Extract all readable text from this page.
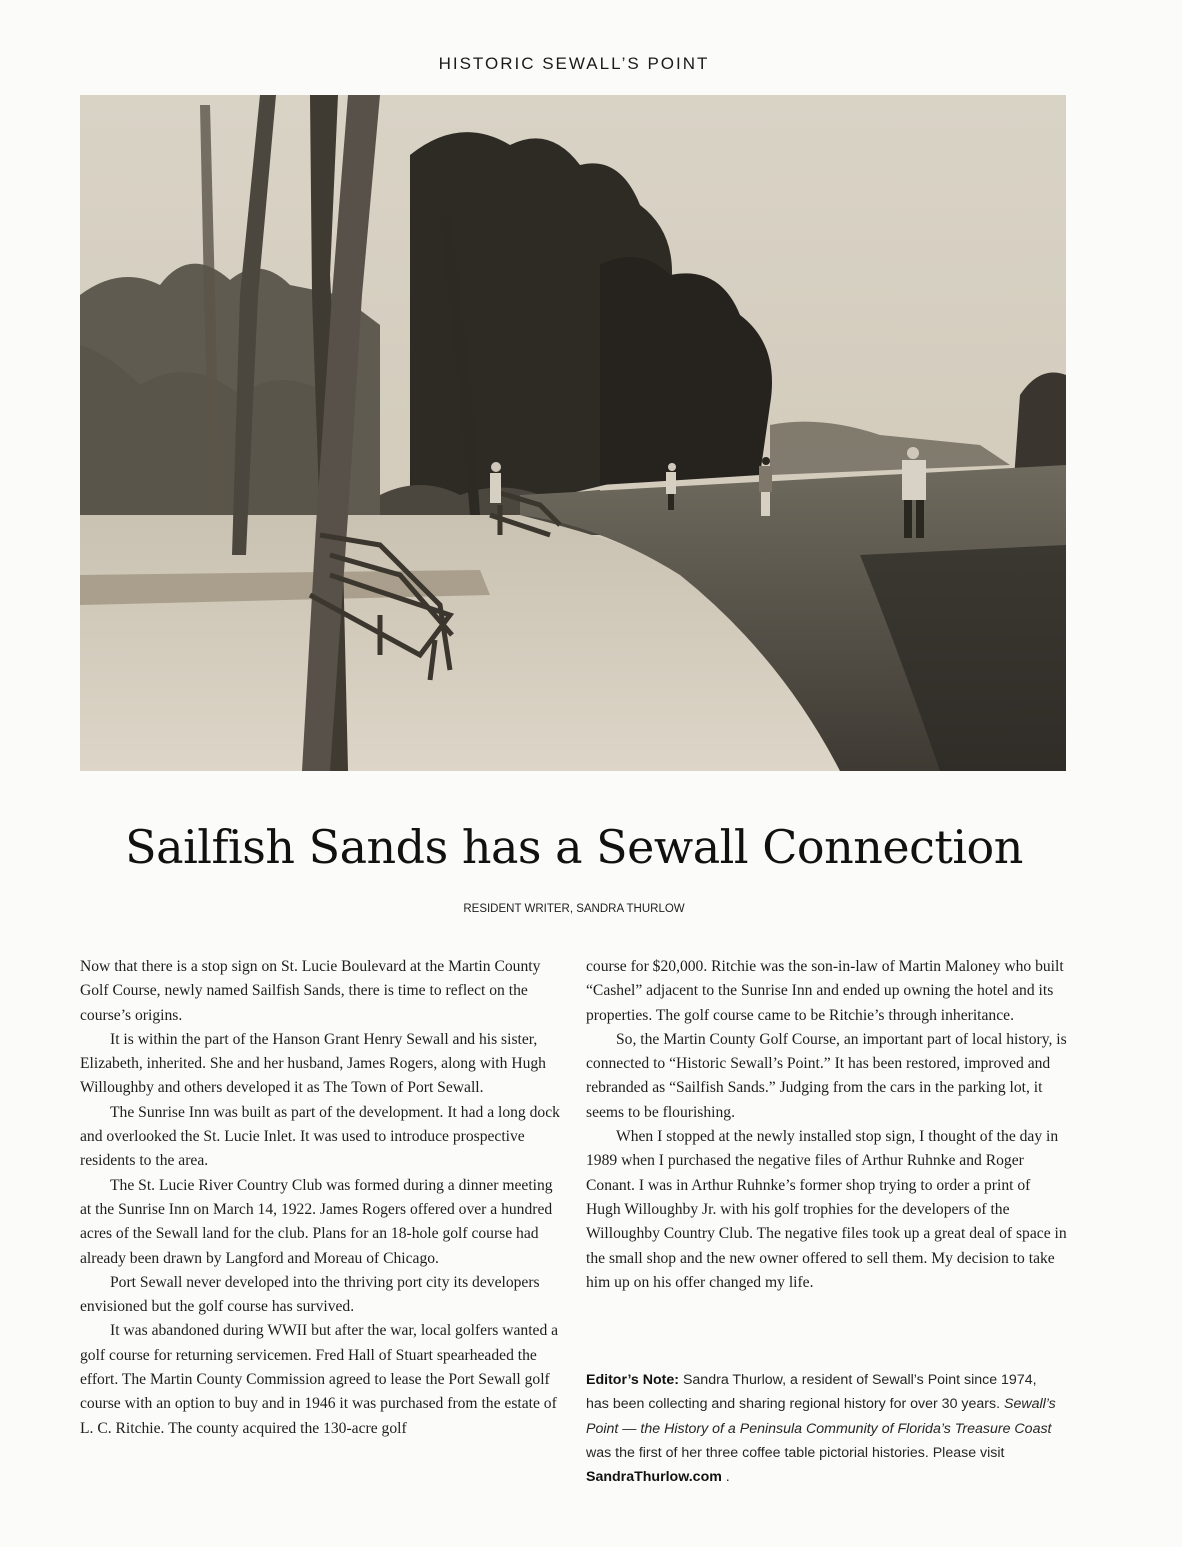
HISTORIC SEWALL’S POINT
Sailfish Sands has a Sewall Connection
RESIDENT WRITER, SANDRA THURLOW

Now that there is a stop sign on St. Lucie Boulevard at the Martin County Golf Course, newly named Sailfish Sands, there is time to reflect on the course’s origins.

It is within the part of the Hanson Grant Henry Sewall and his sister, Elizabeth, inherited. She and her husband, James Rogers, along with Hugh Willoughby and others developed it as The Town of Port Sewall.

The Sunrise Inn was built as part of the development. It had a long dock and overlooked the St. Lucie Inlet. It was used to introduce prospective residents to the area.

The St. Lucie River Country Club was formed during a dinner meeting at the Sunrise Inn on March 14, 1922. James Rogers offered over a hundred acres of the Sewall land for the club. Plans for an 18-hole golf course had already been drawn by Langford and Moreau of Chicago.

Port Sewall never developed into the thriving port city its developers envisioned but the golf course has survived.

It was abandoned during WWII but after the war, local golfers wanted a golf course for returning servicemen. Fred Hall of Stuart spearheaded the effort. The Martin County Commission agreed to lease the Port Sewall golf course with an option to buy and in 1946 it was purchased from the estate of L. C. Ritchie. The county acquired the 130-acre golf

course for $20,000. Ritchie was the son-in-law of Martin Maloney who built “Cashel” adjacent to the Sunrise Inn and ended up owning the hotel and its properties. The golf course came to be Ritchie’s through inheritance.

So, the Martin County Golf Course, an important part of local history, is connected to “Historic Sewall’s Point.” It has been restored, improved and rebranded as “Sailfish Sands.” Judging from the cars in the parking lot, it seems to be flourishing.

When I stopped at the newly installed stop sign, I thought of the day in 1989 when I purchased the negative files of Arthur Ruhnke and Roger Conant. I was in Arthur Ruhnke’s former shop trying to order a print of Hugh Willoughby Jr. with his golf trophies for the developers of the Willoughby Country Club. The negative files took up a great deal of space in the small shop and the new owner offered to sell them. My decision to take him up on his offer changed my life.

Editor’s Note: Sandra Thurlow, a resident of Sewall’s Point since 1974, has been collecting and sharing regional history for over 30 years. Sewall’s Point — the History of a Peninsula Community of Florida’s Treasure Coast was the first of her three coffee table pictorial histories. Please visit SandraThurlow.com .
